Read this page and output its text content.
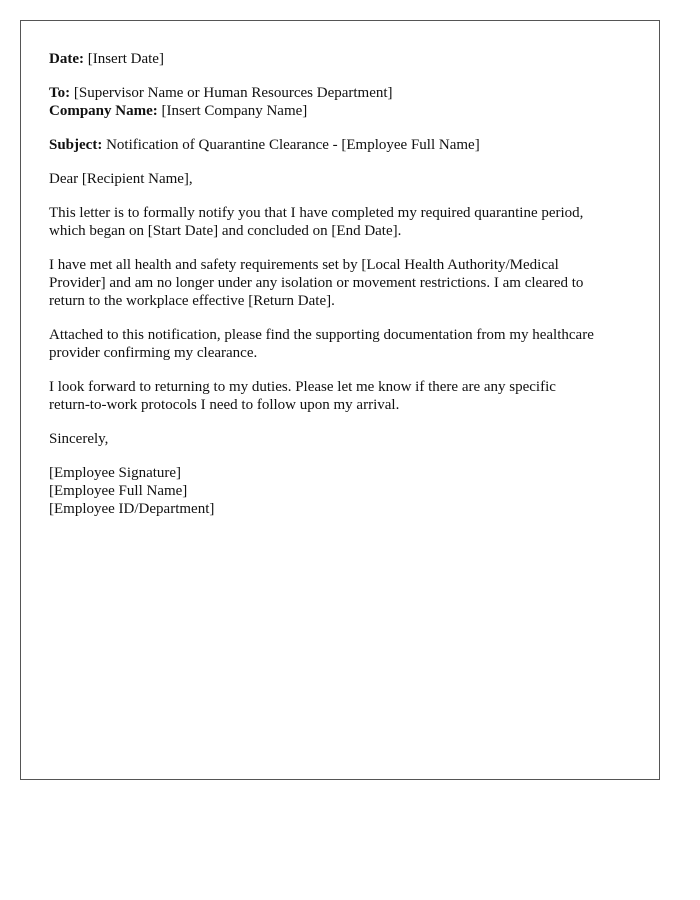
Date: [Insert Date]
To: [Supervisor Name or Human Resources Department]
Company Name: [Insert Company Name]
Subject: Notification of Quarantine Clearance - [Employee Full Name]
Dear [Recipient Name],
This letter is to formally notify you that I have completed my required quarantine period,
which began on [Start Date] and concluded on [End Date].
I have met all health and safety requirements set by [Local Health Authority/Medical
Provider] and am no longer under any isolation or movement restrictions. I am cleared to
return to the workplace effective [Return Date].
Attached to this notification, please find the supporting documentation from my healthcare
provider confirming my clearance.
I look forward to returning to my duties. Please let me know if there are any specific
return-to-work protocols I need to follow upon my arrival.
Sincerely,
[Employee Signature]
[Employee Full Name]
[Employee ID/Department]
